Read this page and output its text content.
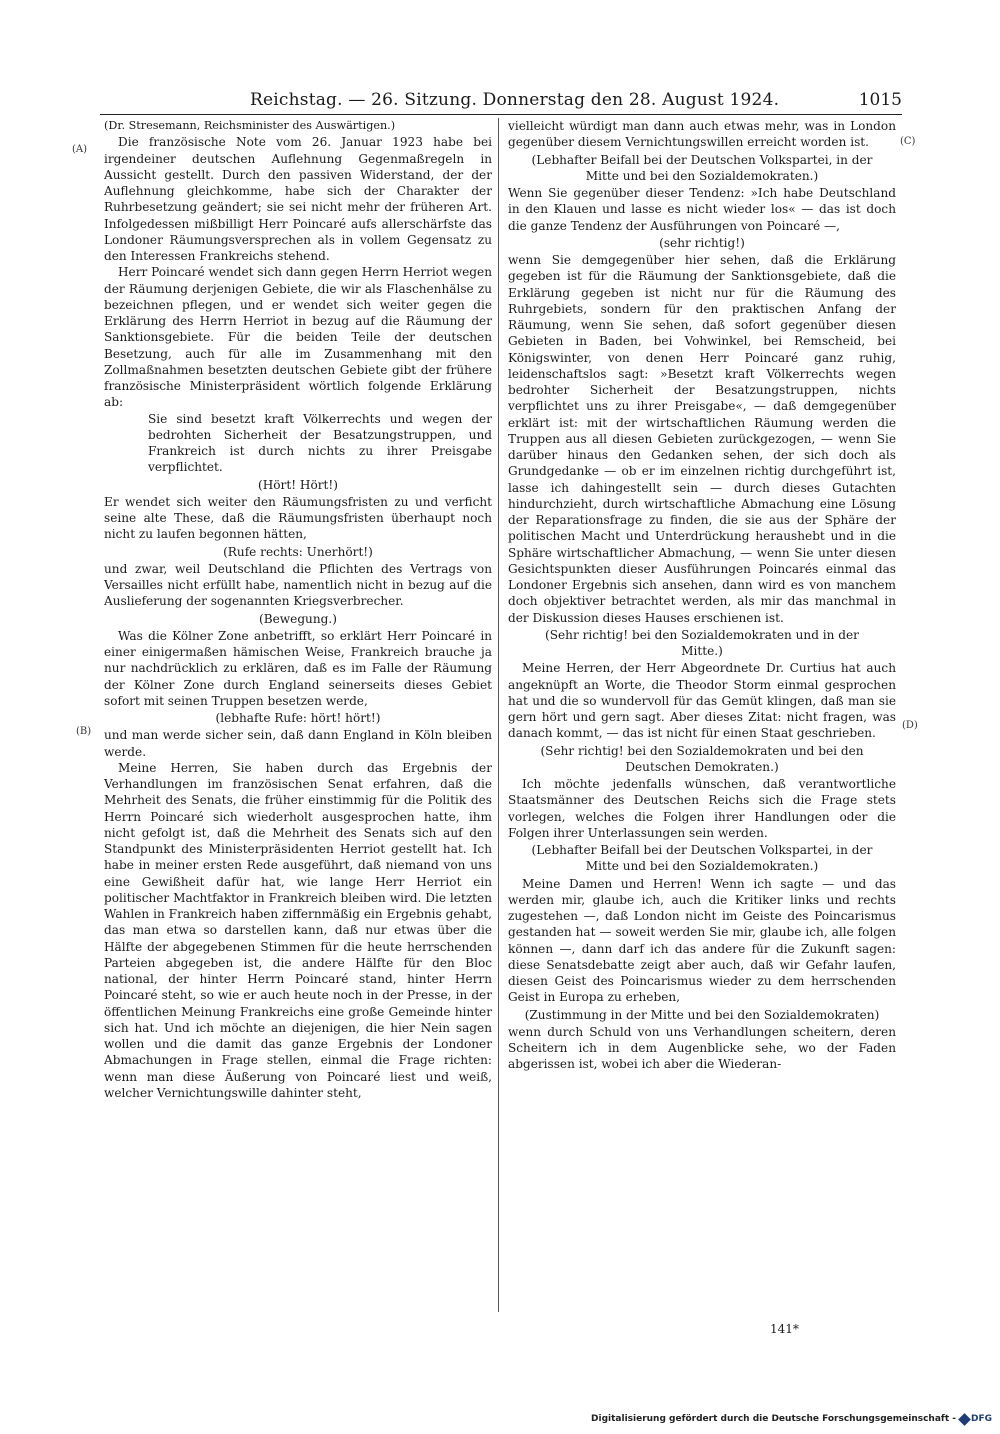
Reichstag. — 26. Sitzung. Donnerstag den 28. August 1924.	1015
(A)
(B)
(C)
(D)

(Dr. Stresemann, Reichsminister des Auswärtigen.)

Die französische Note vom 26. Januar 1923 habe bei irgendeiner deutschen Auflehnung Gegenmaßregeln in Aussicht gestellt. Durch den passiven Widerstand, der der Auflehnung gleichkomme, habe sich der Charakter der Ruhrbesetzung geändert; sie sei nicht mehr der früheren Art. Infolgedessen mißbilligt Herr Poincaré aufs allerschärfste das Londoner Räumungsversprechen als in vollem Gegensatz zu den Interessen Frankreichs stehend.

Herr Poincaré wendet sich dann gegen Herrn Herriot wegen der Räumung derjenigen Gebiete, die wir als Flaschenhälse zu bezeichnen pflegen, und er wendet sich weiter gegen die Erklärung des Herrn Herriot in bezug auf die Räumung der Sanktionsgebiete. Für die beiden Teile der deutschen Besetzung, auch für alle im Zusammenhang mit den Zollmaßnahmen besetzten deutschen Gebiete gibt der frühere französische Ministerpräsident wörtlich folgende Erklärung ab:

Sie sind besetzt kraft Völkerrechts und wegen der bedrohten Sicherheit der Besatzungstruppen, und Frankreich ist durch nichts zu ihrer Preisgabe verpflichtet.

(Hört! Hört!)

Er wendet sich weiter den Räumungsfristen zu und verficht seine alte These, daß die Räumungsfristen überhaupt noch nicht zu laufen begonnen hätten,

(Rufe rechts: Unerhört!)

und zwar, weil Deutschland die Pflichten des Vertrags von Versailles nicht erfüllt habe, namentlich nicht in bezug auf die Auslieferung der sogenannten Kriegsverbrecher.

(Bewegung.)

Was die Kölner Zone anbetrifft, so erklärt Herr Poincaré in einer einigermaßen hämischen Weise, Frankreich brauche ja nur nachdrücklich zu erklären, daß es im Falle der Räumung der Kölner Zone durch England seinerseits dieses Gebiet sofort mit seinen Truppen besetzen werde,

(lebhafte Rufe: hört! hört!)

und man werde sicher sein, daß dann England in Köln bleiben werde.

Meine Herren, Sie haben durch das Ergebnis der Verhandlungen im französischen Senat erfahren, daß die Mehrheit des Senats, die früher einstimmig für die Politik des Herrn Poincaré sich wiederholt ausgesprochen hatte, ihm nicht gefolgt ist, daß die Mehrheit des Senats sich auf den Standpunkt des Ministerpräsidenten Herriot gestellt hat. Ich habe in meiner ersten Rede ausgeführt, daß niemand von uns eine Gewißheit dafür hat, wie lange Herr Herriot ein politischer Machtfaktor in Frankreich bleiben wird. Die letzten Wahlen in Frankreich haben ziffernmäßig ein Ergebnis gehabt, das man etwa so darstellen kann, daß nur etwas über die Hälfte der abgegebenen Stimmen für die heute herrschenden Parteien abgegeben ist, die andere Hälfte für den Bloc national, der hinter Herrn Poincaré stand, hinter Herrn Poincaré steht, so wie er auch heute noch in der Presse, in der öffentlichen Meinung Frankreichs eine große Gemeinde hinter sich hat. Und ich möchte an diejenigen, die hier Nein sagen wollen und die damit das ganze Ergebnis der Londoner Abmachungen in Frage stellen, einmal die Frage richten: wenn man diese Äußerung von Poincaré liest und weiß, welcher Vernichtungswille dahinter steht,

vielleicht würdigt man dann auch etwas mehr, was in London gegenüber diesem Vernichtungswillen erreicht worden ist.

(Lebhafter Beifall bei der Deutschen Volkspartei, in der Mitte und bei den Sozialdemokraten.)

Wenn Sie gegenüber dieser Tendenz: »Ich habe Deutschland in den Klauen und lasse es nicht wieder los« — das ist doch die ganze Tendenz der Ausführungen von Poincaré —,

(sehr richtig!)

wenn Sie demgegenüber hier sehen, daß die Erklärung gegeben ist für die Räumung der Sanktionsgebiete, daß die Erklärung gegeben ist nicht nur für die Räumung des Ruhrgebiets, sondern für den praktischen Anfang der Räumung, wenn Sie sehen, daß sofort gegenüber diesen Gebieten in Baden, bei Vohwinkel, bei Remscheid, bei Königswinter, von denen Herr Poincaré ganz ruhig, leidenschaftslos sagt: »Besetzt kraft Völkerrechts wegen bedrohter Sicherheit der Besatzungstruppen, nichts verpflichtet uns zu ihrer Preisgabe«, — daß demgegenüber erklärt ist: mit der wirtschaftlichen Räumung werden die Truppen aus all diesen Gebieten zurückgezogen, — wenn Sie darüber hinaus den Gedanken sehen, der sich doch als Grundgedanke — ob er im einzelnen richtig durchgeführt ist, lasse ich dahingestellt sein — durch dieses Gutachten hindurchzieht, durch wirtschaftliche Abmachung eine Lösung der Reparationsfrage zu finden, die sie aus der Sphäre der politischen Macht und Unterdrückung heraushebt und in die Sphäre wirtschaftlicher Abmachung, — wenn Sie unter diesen Gesichtspunkten dieser Ausführungen Poincarés einmal das Londoner Ergebnis sich ansehen, dann wird es von manchem doch objektiver betrachtet werden, als mir das manchmal in der Diskussion dieses Hauses erschienen ist.

(Sehr richtig! bei den Sozialdemokraten und in der Mitte.)

Meine Herren, der Herr Abgeordnete Dr. Curtius hat auch angeknüpft an Worte, die Theodor Storm einmal gesprochen hat und die so wundervoll für das Gemüt klingen, daß man sie gern hört und gern sagt. Aber dieses Zitat: nicht fragen, was danach kommt, — das ist nicht für einen Staat geschrieben.

(Sehr richtig! bei den Sozialdemokraten und bei den Deutschen Demokraten.)

Ich möchte jedenfalls wünschen, daß verantwortliche Staatsmänner des Deutschen Reichs sich die Frage stets vorlegen, welches die Folgen ihrer Handlungen oder die Folgen ihrer Unterlassungen sein werden.

(Lebhafter Beifall bei der Deutschen Volkspartei, in der Mitte und bei den Sozialdemokraten.)

Meine Damen und Herren! Wenn ich sagte — und das werden mir, glaube ich, auch die Kritiker links und rechts zugestehen —, daß London nicht im Geiste des Poincarismus gestanden hat — soweit werden Sie mir, glaube ich, alle folgen können —, dann darf ich das andere für die Zukunft sagen: diese Senatsdebatte zeigt aber auch, daß wir Gefahr laufen, diesen Geist des Poincarismus wieder zu dem herrschenden Geist in Europa zu erheben,

(Zustimmung in der Mitte und bei den Sozialdemokraten)

wenn durch Schuld von uns Verhandlungen scheitern, deren Scheitern ich in dem Augenblicke sehe, wo der Faden abgerissen ist, wobei ich aber die Wiederan-

141*
Digitalisierung gefördert durch die Deutsche Forschungsgemeinschaft - DFG
